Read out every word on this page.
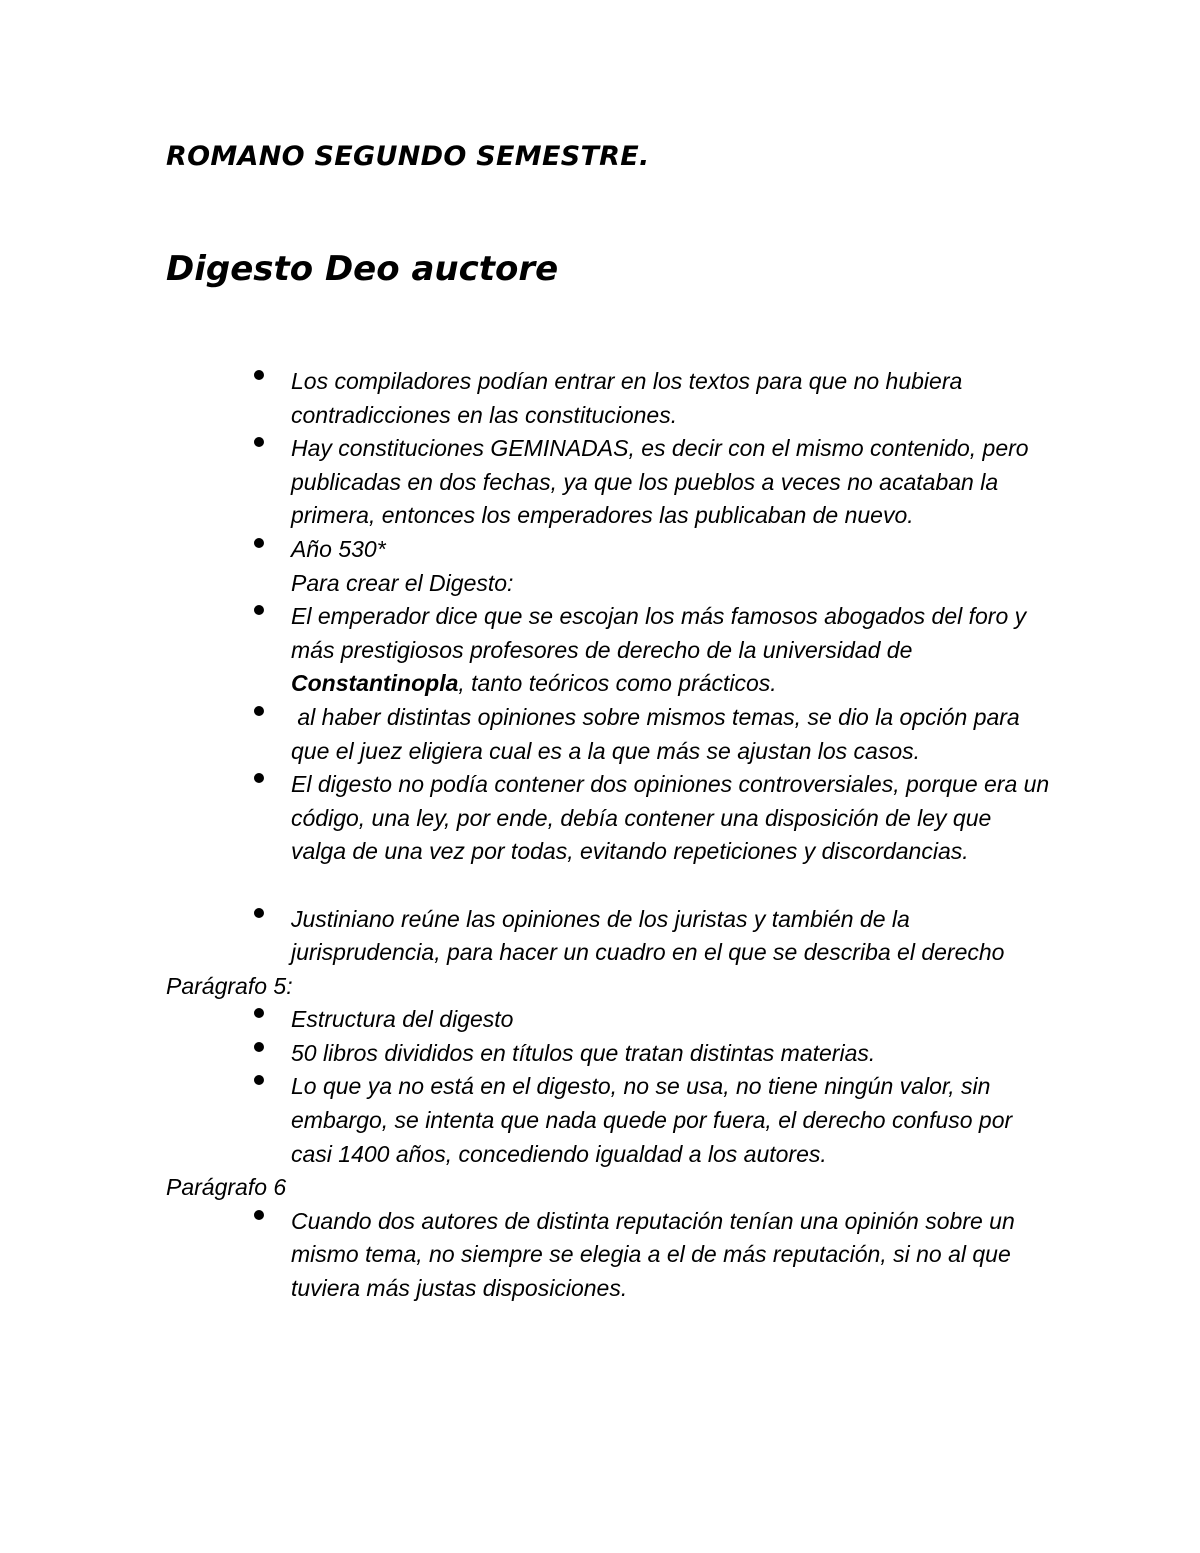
ROMANO SEGUNDO SEMESTRE.
Digesto Deo auctore
Los compiladores podían entrar en los textos para que no hubiera contradicciones en las constituciones.
Hay constituciones GEMINADAS, es decir con el mismo contenido, pero publicadas en dos fechas, ya que los pueblos a veces no acataban la primera, entonces los emperadores las publicaban de nuevo.
Año 530*
Para crear el Digesto:
El emperador dice que se escojan los más famosos abogados del foro y más prestigiosos profesores de derecho de la universidad de Constantinopla, tanto teóricos como prácticos.
al haber distintas opiniones sobre mismos temas, se dio la opción para que el juez eligiera cual es a la que más se ajustan los casos.
El digesto no podía contener dos opiniones controversiales, porque era un código, una ley, por ende, debía contener una disposición de ley que valga de una vez por todas, evitando repeticiones y discordancias.
Justiniano reúne las opiniones de los juristas y también de la jurisprudencia, para hacer un cuadro en el que se describa el derecho
Parágrafo 5:
Estructura del digesto
50 libros divididos en títulos que tratan distintas materias.
Lo que ya no está en el digesto, no se usa, no tiene ningún valor, sin embargo, se intenta que nada quede por fuera, el derecho confuso por casi 1400 años, concediendo igualdad a los autores.
Parágrafo 6
Cuando dos autores de distinta reputación tenían una opinión sobre un mismo tema, no siempre se elegia a el de más reputación, si no al que tuviera más justas disposiciones.
